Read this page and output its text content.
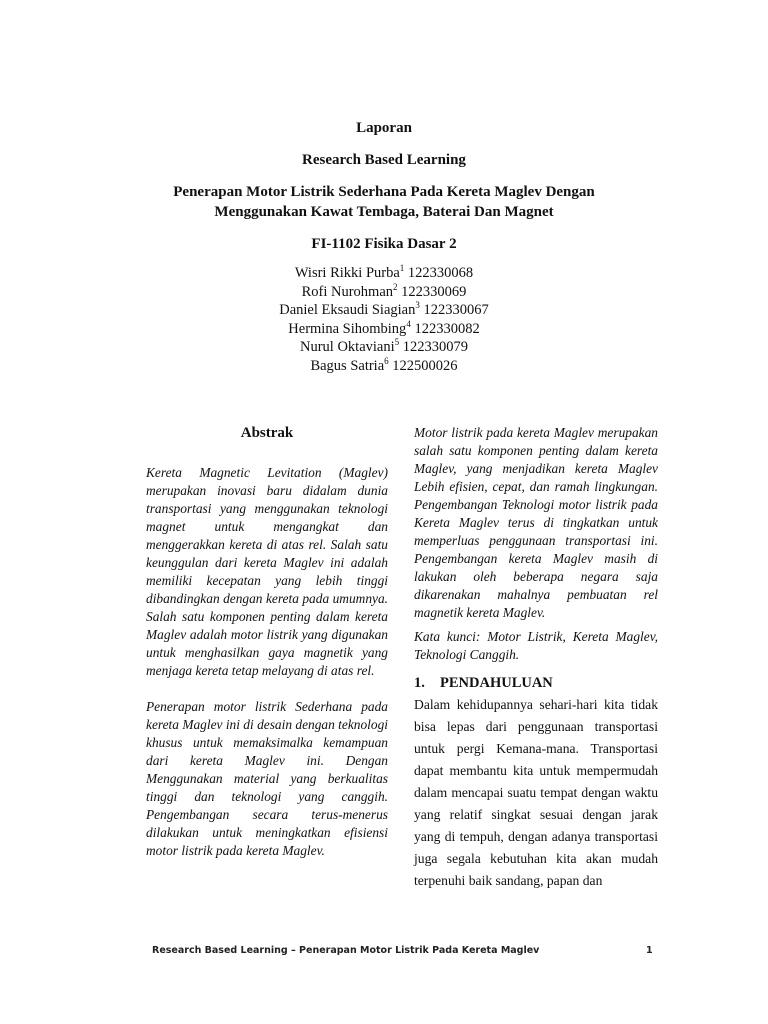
Laporan

Research Based Learning

Penerapan Motor Listrik Sederhana Pada Kereta Maglev Dengan

Menggunakan Kawat Tembaga, Baterai Dan Magnet

FI-1102 Fisika Dasar 2

Wisri Rikki Purba$^1$ 122330068
Rofi Nurohman$^2$ 122330069
Daniel Eksaudi Siagian$^3$ 122330067
Hermina Sihombing$^4$ 122330082
Nurul Oktaviani$^5$ 122330079
Bagus Satria$^6$ 122500026

Abstrak

Kereta Magnetic Levitation (Maglev) merupakan inovasi baru didalam dunia transportasi yang menggunakan teknologi magnet untuk mengangkat dan menggerakkan kereta di atas rel. Salah satu keunggulan dari kereta Maglev ini adalah memiliki kecepatan yang lebih tinggi dibandingkan dengan kereta pada umumnya. Salah satu komponen penting dalam kereta Maglev adalah motor listrik yang digunakan untuk menghasilkan gaya magnetik yang menjaga kereta tetap melayang di atas rel.

Penerapan motor listrik Sederhana pada kereta Maglev ini di desain dengan teknologi khusus untuk memaksimalka kemampuan dari kereta Maglev ini. Dengan Menggunakan material yang berkualitas tinggi dan teknologi yang canggih. Pengembangan secara terus-menerus dilakukan untuk meningkatkan efisiensi motor listrik pada kereta Maglev.

Motor listrik pada kereta Maglev merupakan salah satu komponen penting dalam kereta Maglev, yang menjadikan kereta Maglev Lebih efisien, cepat, dan ramah lingkungan. Pengembangan Teknologi motor listrik pada Kereta Maglev terus di tingkatkan untuk memperluas penggunaan transportasi ini. Pengembangan kereta Maglev masih di lakukan oleh beberapa negara saja dikarenakan mahalnya pembuatan rel magnetik kereta Maglev.

Kata kunci: Motor Listrik, Kereta Maglev, Teknologi Canggih.

1. PENDAHULUAN

Dalam kehidupannya sehari-hari kita tidak bisa lepas dari penggunaan transportasi untuk pergi Kemana-mana. Transportasi dapat membantu kita untuk mempermudah dalam mencapai suatu tempat dengan waktu yang relatif singkat sesuai dengan jarak yang di tempuh, dengan adanya transportasi juga segala kebutuhan kita akan mudah terpenuhi baik sandang, papan dan

Research Based Learning – Penerapan Motor Listrik Pada Kereta Maglev	1
